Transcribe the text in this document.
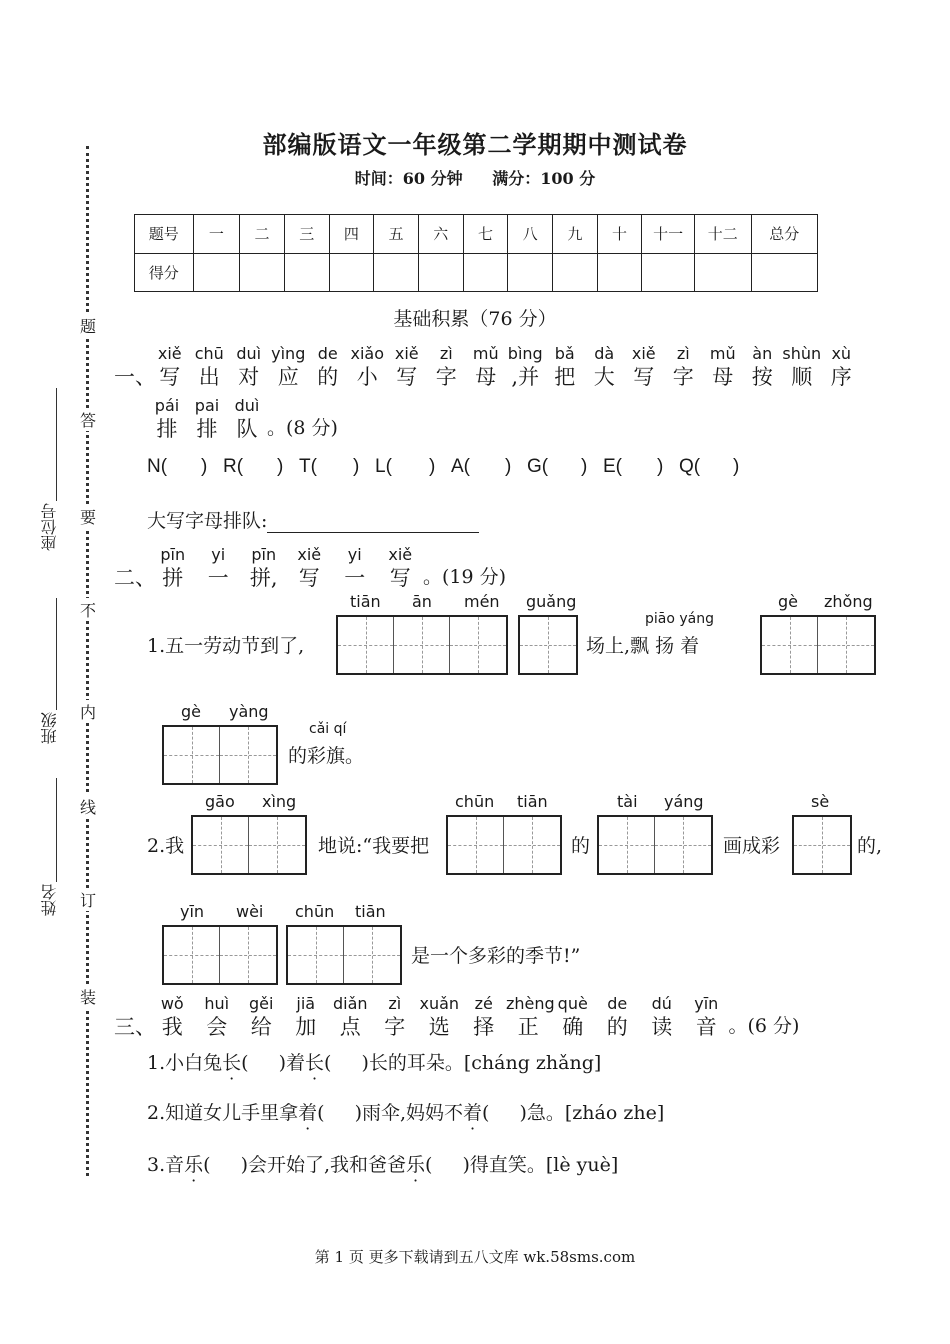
部编版语文一年级第二学期期中测试卷
时间：60 分钟 满分：100 分
题号	一	二	三	四	五	六	七	八	九	十	十一	十二	总分
得分													
基础积累（76 分）
题
答
要
不
内
线
订
装
座位号
班级
姓名
xiě chū duì yìng de xiǎo xiě	zì	mǔ bìng bǎ	dà	xiě	zì	mǔ	àn shùn xù
一、 写 出 对 应 的 小 写 字 母 ,并 把 大 写 字 母 按 顺 序
pái pai duì
排 排 队 。(8 分)
N( ) R( ) T( ) L( ) A( ) G( ) E( ) Q( )
大写字母排队:
pīn	yi	pīn	xiě	yi	xiě
二、 拼	一	拼,	写	一	写 。(19 分)
1.五一劳动节到了,
tiān ān mén guǎng
piāo yáng
场上,飘 扬 着
gè zhǒng
gè yàng
cǎi qí
的彩旗。
2.我
gāo xìng
地说:“我要把
chūn tiān
的
tài yáng
画成彩
sè
的,
yīn wèi chūn tiān
是一个多彩的季节!”
wǒ	huì	gěi	jiā	diǎn	zì	xuǎn zé zhèng què	de	dú	yīn
三、 我	会	给	加	点	字	选	择	正	确	的	读	音 。(6 分)
1.小白兔长( )着长( )长的耳朵。[cháng zhǎng]
2.知道女儿手里拿着( )雨伞,妈妈不着( )急。[zháo zhe]
3.音乐( )会开始了,我和爸爸乐( )得直笑。[lè yuè]
第 1 页 更多下载请到五八文库 wk.58sms.com
